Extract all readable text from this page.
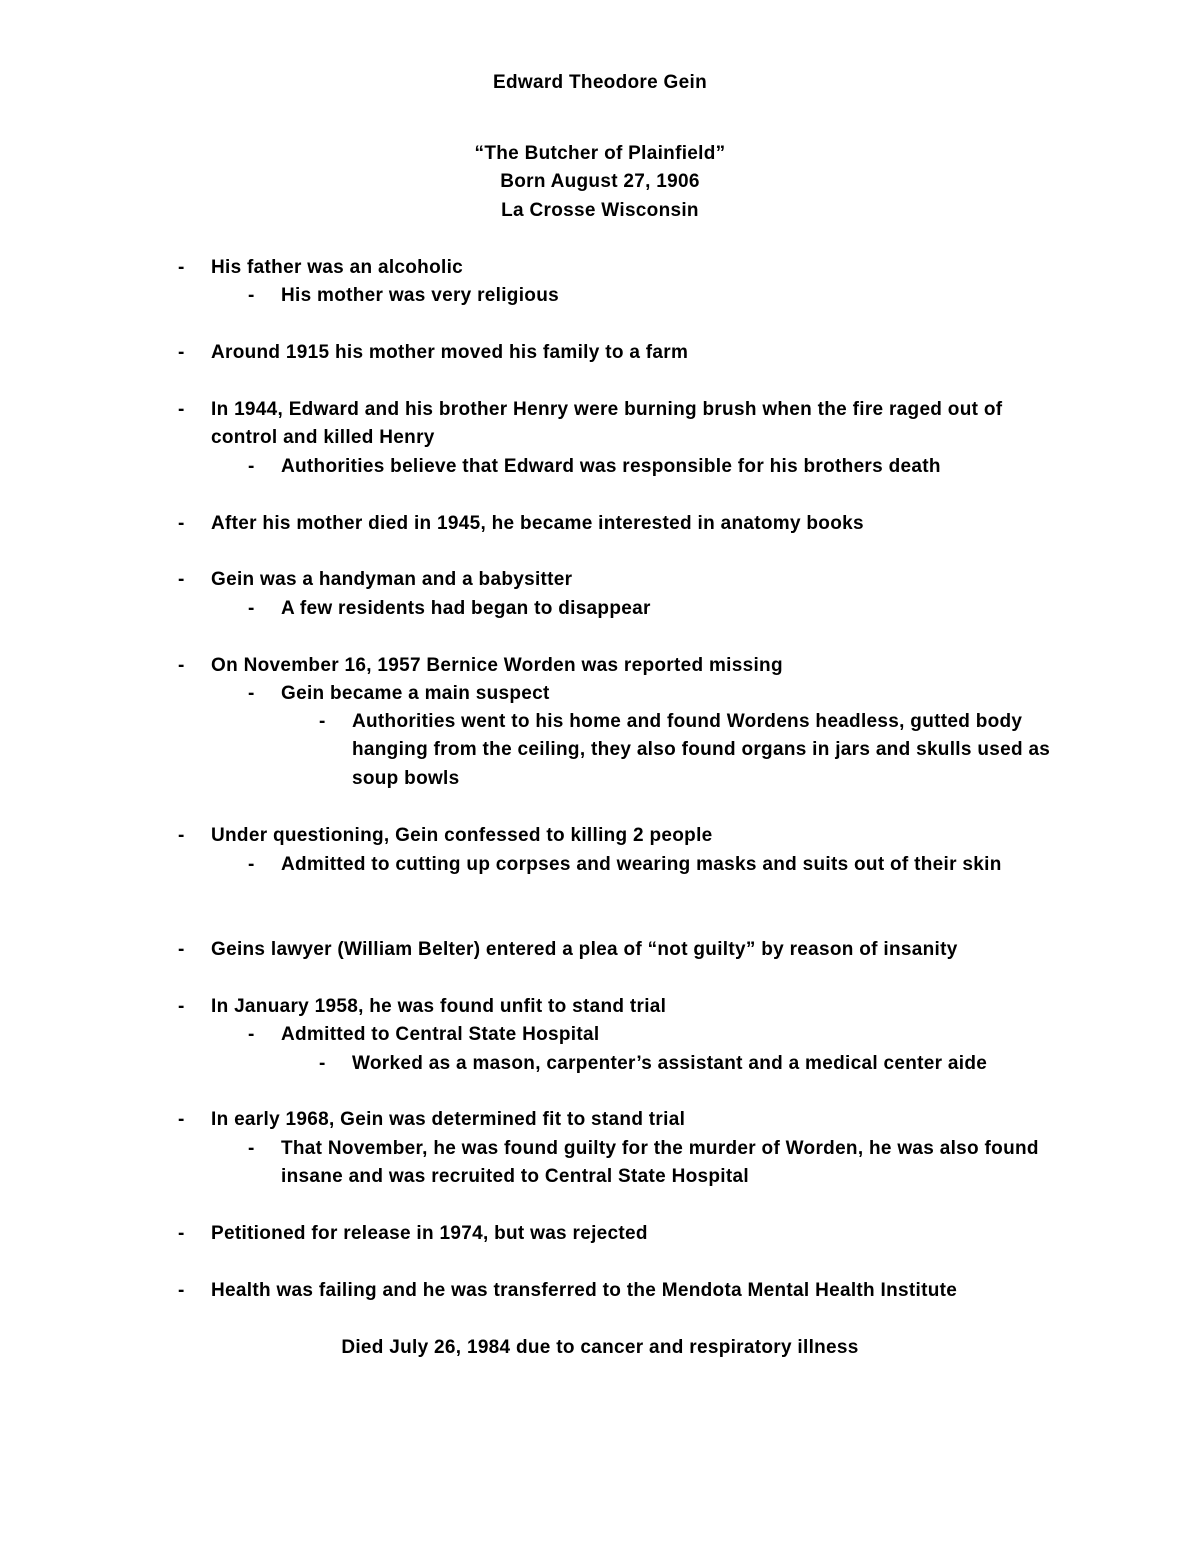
Edward Theodore Gein
“The Butcher of Plainfield”
Born August 27, 1906
La Crosse Wisconsin
- His father was an alcoholic
- His mother was very religious
- Around 1915 his mother moved his family to a farm
- In 1944, Edward and his brother Henry were burning brush when the fire raged out of control and killed Henry
- Authorities believe that Edward was responsible for his brothers death
- After his mother died in 1945, he became interested in anatomy books
- Gein was a handyman and a babysitter
- A few residents had began to disappear
- On November 16, 1957 Bernice Worden was reported missing
- Gein became a main suspect
- Authorities went to his home and found Wordens headless, gutted body hanging from the ceiling, they also found organs in jars and skulls used as soup bowls
- Under questioning, Gein confessed to killing 2 people
- Admitted to cutting up corpses and wearing masks and suits out of their skin
- Geins lawyer (William Belter) entered a plea of “not guilty” by reason of insanity
- In January 1958, he was found unfit to stand trial
- Admitted to Central State Hospital
- Worked as a mason, carpenter’s assistant and a medical center aide
- In early 1968, Gein was determined fit to stand trial
- That November, he was found guilty for the murder of Worden, he was also found insane and was recruited to Central State Hospital
- Petitioned for release in 1974, but was rejected
- Health was failing and he was transferred to the Mendota Mental Health Institute
Died July 26, 1984 due to cancer and respiratory illness
